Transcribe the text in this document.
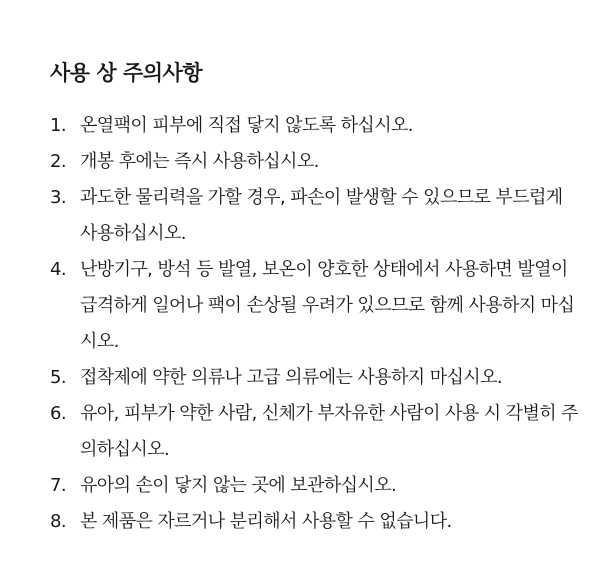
사용 상 주의사항
1. 온열팩이 피부에 직접 닿지 않도록 하십시오.
2. 개봉 후에는 즉시 사용하십시오.
3. 과도한 물리력을 가할 경우, 파손이 발생할 수 있으므로 부드럽게 사용하십시오.
4. 난방기구, 방석 등 발열, 보온이 양호한 상태에서 사용하면 발열이 급격하게 일어나 팩이 손상될 우려가 있으므로 함께 사용하지 마십시오.
5. 접착제에 약한 의류나 고급 의류에는 사용하지 마십시오.
6. 유아, 피부가 약한 사람, 신체가 부자유한 사람이 사용 시 각별히 주의하십시오.
7. 유아의 손이 닿지 않는 곳에 보관하십시오.
8. 본 제품은 자르거나 분리해서 사용할 수 없습니다.
